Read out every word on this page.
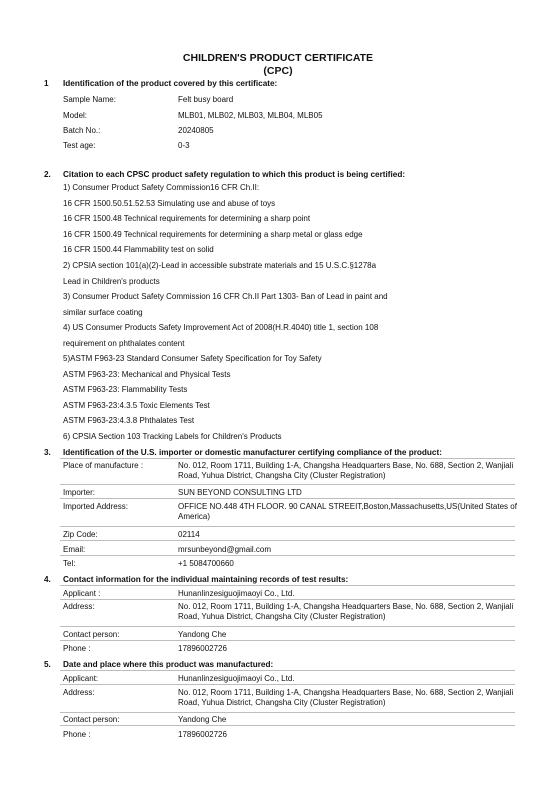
CHILDREN'S PRODUCT CERTIFICATE
(CPC)
1 Identification of the product covered by this certificate:
Sample Name:	Felt busy board
Model:	MLB01, MLB02, MLB03, MLB04, MLB05
Batch No.:	20240805
Test age:	0-3
2. Citation to each CPSC product safety regulation to which this product is being certified:
1) Consumer Product Safety Commission16 CFR Ch.II:
16 CFR 1500.50.51.52.53 Simulating use and abuse of toys
16 CFR 1500.48 Technical requirements for determining a sharp point
16 CFR 1500.49 Technical requirements for determining a sharp metal or glass edge
16 CFR 1500.44 Flammability test on solid
2) CPSIA section 101(a)(2)-Lead in accessible substrate materials and 15 U.S.C.§1278a
Lead in Children's products
3) Consumer Product Safety Commission 16 CFR Ch.II Part 1303- Ban of Lead in paint and
similar surface coating
4) US Consumer Products Safety Improvement Act of 2008(H.R.4040) title 1, section 108
requirement on phthalates content
5)ASTM F963-23 Standard Consumer Safety Specification for Toy Safety
ASTM F963-23: Mechanical and Physical Tests
ASTM F963-23: Flammability Tests
ASTM F963-23:4.3.5 Toxic Elements Test
ASTM F963-23:4.3.8 Phthalates Test
6) CPSIA Section 103 Tracking Labels for Children's Products
3. Identification of the U.S. importer or domestic manufacturer certifying compliance of the product:
Place of manufacture :	No. 012, Room 1711, Building 1-A, Changsha Headquarters Base, No. 688, Section 2, Wanjiali Road, Yuhua District, Changsha City (Cluster Registration)
Importer:	SUN BEYOND CONSULTING LTD
Imported Address:	OFFICE NO.448 4TH FLOOR. 90 CANAL STREEIT,Boston,Massachusetts,US(United States of America)
Zip Code:	02114
Email:	mrsunbeyond@gmail.com
Tel:	+1 5084700660
4. Contact information for the individual maintaining records of test results:
Applicant :	Hunanlinzesiguojimaoyi Co., Ltd.
Address:	No. 012, Room 1711, Building 1-A, Changsha Headquarters Base, No. 688, Section 2, Wanjiali Road, Yuhua District, Changsha City (Cluster Registration)
Contact person:	Yandong Che
Phone :	17896002726
5. Date and place where this product was manufactured:
Applicant:	Hunanlinzesiguojimaoyi Co., Ltd.
Address:	No. 012, Room 1711, Building 1-A, Changsha Headquarters Base, No. 688, Section 2, Wanjiali Road, Yuhua District, Changsha City (Cluster Registration)
Contact person:	Yandong Che
Phone :	17896002726
